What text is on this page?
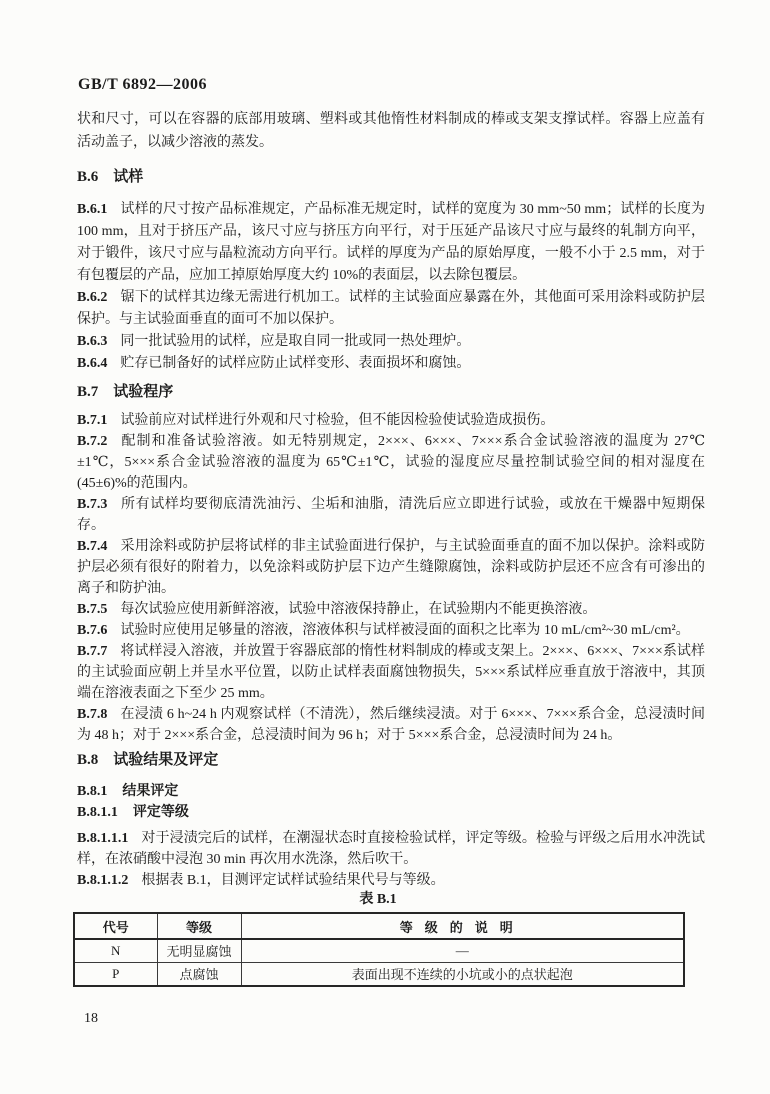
GB/T 6892—2006

状和尺寸，可以在容器的底部用玻璃、塑料或其他惰性材料制成的棒或支架支撑试样。容器上应盖有活动盖子，以减少溶液的蒸发。

B.6 试样

B.6.1 试样的尺寸按产品标准规定，产品标准无规定时，试样的宽度为 30 mm~50 mm；试样的长度为 100 mm，且对于挤压产品，该尺寸应与挤压方向平行，对于压延产品该尺寸应与最终的轧制方向平，对于锻件，该尺寸应与晶粒流动方向平行。试样的厚度为产品的原始厚度，一般不小于 2.5 mm，对于有包覆层的产品，应加工掉原始厚度大约 10%的表面层，以去除包覆层。

B.6.2 锯下的试样其边缘无需进行机加工。试样的主试验面应暴露在外，其他面可采用涂料或防护层保护。与主试验面垂直的面可不加以保护。

B.6.3 同一批试验用的试样，应是取自同一批或同一热处理炉。

B.6.4 贮存已制备好的试样应防止试样变形、表面损坏和腐蚀。

B.7 试验程序

B.7.1 试验前应对试样进行外观和尺寸检验，但不能因检验使试验造成损伤。

B.7.2 配制和准备试验溶液。如无特别规定，2×××、6×××、7×××系合金试验溶液的温度为 27℃±1℃，5×××系合金试验溶液的温度为 65℃±1℃，试验的湿度应尽量控制试验空间的相对湿度在(45±6)%的范围内。

B.7.3 所有试样均要彻底清洗油污、尘垢和油脂，清洗后应立即进行试验，或放在干燥器中短期保存。

B.7.4 采用涂料或防护层将试样的非主试验面进行保护，与主试验面垂直的面不加以保护。涂料或防护层必须有很好的附着力，以免涂料或防护层下边产生缝隙腐蚀，涂料或防护层还不应含有可渗出的离子和防护油。

B.7.5 每次试验应使用新鲜溶液，试验中溶液保持静止，在试验期内不能更换溶液。

B.7.6 试验时应使用足够量的溶液，溶液体积与试样被浸面的面积之比率为 10 mL/cm²~30 mL/cm²。

B.7.7 将试样浸入溶液，并放置于容器底部的惰性材料制成的棒或支架上。2×××、6×××、7×××系试样的主试验面应朝上并呈水平位置，以防止试样表面腐蚀物损失，5×××系试样应垂直放于溶液中，其顶端在溶液表面之下至少 25 mm。

B.7.8 在浸渍 6 h~24 h 内观察试样（不清洗），然后继续浸渍。对于 6×××、7×××系合金，总浸渍时间为 48 h；对于 2×××系合金，总浸渍时间为 96 h；对于 5×××系合金，总浸渍时间为 24 h。

B.8 试验结果及评定
B.8.1 结果评定
B.8.1.1 评定等级

B.8.1.1.1 对于浸渍完后的试样，在潮湿状态时直接检验试样，评定等级。检验与评级之后用水冲洗试样，在浓硝酸中浸泡 30 min 再次用水洗涤，然后吹干。

B.8.1.1.2 根据表 B.1，目测评定试样试验结果代号与等级。

表 B.1
代号	等级	等级的说明
N	无明显腐蚀	—
P	点腐蚀	表面出现不连续的小坑或小的点状起泡
18
